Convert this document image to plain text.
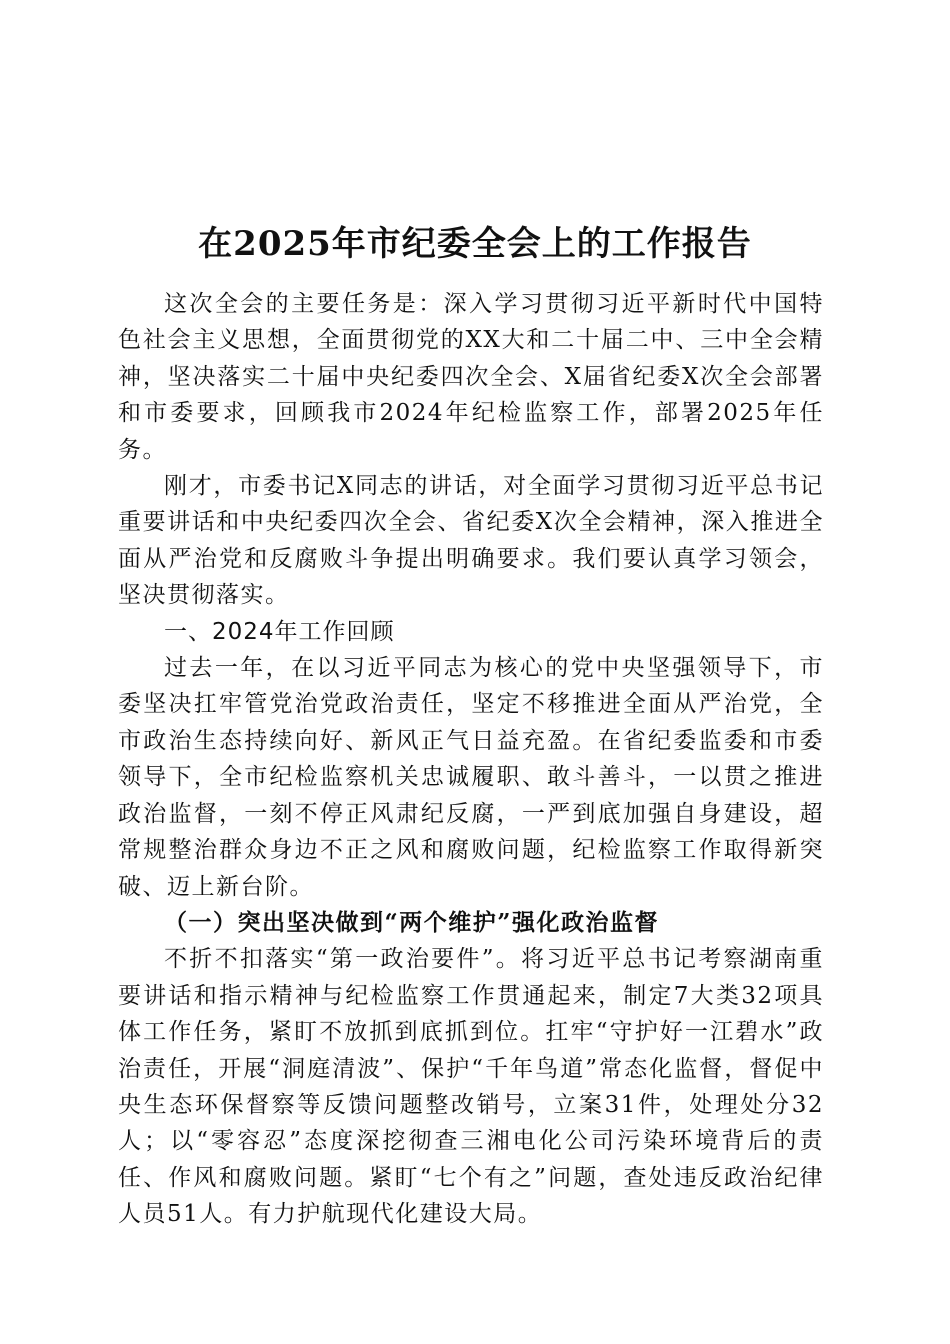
在2025年市纪委全会上的工作报告

这次全会的主要任务是：深入学习贯彻习近平新时代中国特色社会主义思想，全面贯彻党的XX大和二十届二中、三中全会精神，坚决落实二十届中央纪委四次全会、X届省纪委X次全会部署和市委要求，回顾我市2024年纪检监察工作，部署2025年任务。

刚才，市委书记X同志的讲话，对全面学习贯彻习近平总书记重要讲话和中央纪委四次全会、省纪委X次全会精神，深入推进全面从严治党和反腐败斗争提出明确要求。我们要认真学习领会，坚决贯彻落实。

一、2024年工作回顾

过去一年，在以习近平同志为核心的党中央坚强领导下，市委坚决扛牢管党治党政治责任，坚定不移推进全面从严治党，全市政治生态持续向好、新风正气日益充盈。在省纪委监委和市委领导下，全市纪检监察机关忠诚履职、敢斗善斗，一以贯之推进政治监督，一刻不停正风肃纪反腐，一严到底加强自身建设，超常规整治群众身边不正之风和腐败问题，纪检监察工作取得新突破、迈上新台阶。

（一）突出坚决做到“两个维护”强化政治监督

不折不扣落实“第一政治要件”。将习近平总书记考察湖南重要讲话和指示精神与纪检监察工作贯通起来，制定7大类32项具体工作任务，紧盯不放抓到底抓到位。扛牢“守护好一江碧水”政治责任，开展“洞庭清波”、保护“千年鸟道”常态化监督，督促中央生态环保督察等反馈问题整改销号，立案31件，处理处分32人；以“零容忍”态度深挖彻查三湘电化公司污染环境背后的责任、作风和腐败问题。紧盯“七个有之”问题，查处违反政治纪律人员51人。有力护航现代化建设大局。
